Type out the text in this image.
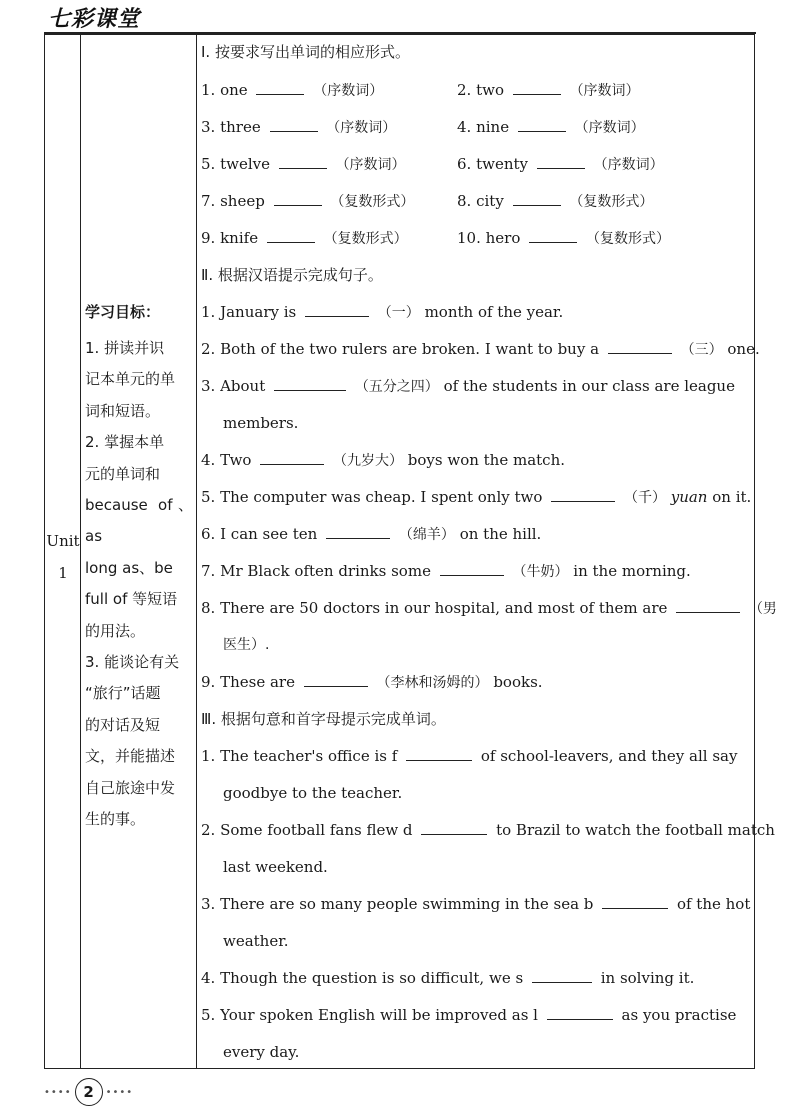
七彩课堂
Unit
1
学习目标：
1. 拼读并识
记本单元的单
词和短语。
2. 掌握本单
元的单词和
because of、as
long as、be
full of 等短语
的用法。
3. 能谈论有关
“旅行”话题
的对话及短
文，并能描述
自己旅途中发
生的事。
Ⅰ. 按要求写出单词的相应形式。
1. one	（序数词）	2. two	（序数词）
3. three	（序数词）	4. nine	（序数词）
5. twelve	（序数词）	6. twenty	（序数词）
7. sheep	（复数形式）	8. city	（复数形式）
9. knife	（复数形式）	10. hero	（复数形式）
Ⅱ. 根据汉语提示完成句子。
1. January is	（一） month of the year.
2. Both of the two rulers are broken. I want to buy a	（三） one.
3. About	（五分之四） of the students in our class are league
members.
4. Two	（九岁大） boys won the match.
5. The computer was cheap. I spent only two	（千） yuan on it.
6. I can see ten	（绵羊） on the hill.
7. Mr Black often drinks some	（牛奶） in the morning.
8. There are 50 doctors in our hospital, and most of them are	（男
医生）.
9. These are	（李林和汤姆的） books.
Ⅲ. 根据句意和首字母提示完成单词。
1. The teacher's office is f	of school-leavers, and they all say
goodbye to the teacher.
2. Some football fans flew d	to Brazil to watch the football match
last weekend.
3. There are so many people swimming in the sea b	of the hot
weather.
4. Though the question is so difficult, we s	in solving it.
5. Your spoken English will be improved as l	as you practise
every day.
•••• 2	••••
